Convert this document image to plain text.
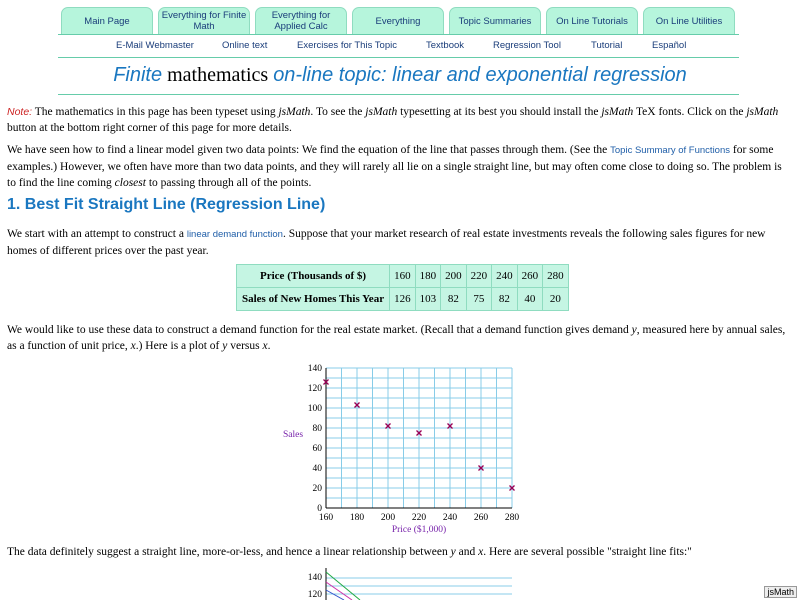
Main Page	Everything for Finite Math
Everything for Applied Calc	Everything	Topic Summaries	On Line Tutorials	On Line Utilities
E-Mail Webmaster	Online text	Exercises for This Topic	Textbook	Regression Tool	Tutorial	Español
Finite mathematics on-line topic: linear and exponential regression
Note: The mathematics in this page has been typeset using jsMath. To see the jsMath typesetting at its best you should install the jsMath TeX fonts. Click on the jsMath button at the bottom right corner of this page for more details.
We have seen how to find a linear model given two data points: We find the equation of the line that passes through them. (See the Topic Summary of Functions for some examples.) However, we often have more than two data points, and they will rarely all lie on a single straight line, but may often come close to doing so. The problem is to find the line coming closest to passing through all of the points.
1. Best Fit Straight Line (Regression Line)
We start with an attempt to construct a linear demand function. Suppose that your market research of real estate investments reveals the following sales figures for new homes of different prices over the past year.
Price (Thousands of $)	160	180	200	220	240	260	280
Sales of New Homes This Year	126	103	82	75	82	40	20
We would like to use these data to construct a demand function for the real estate market. (Recall that a demand function gives demand y, measured here by annual sales, as a function of unit price, x.) Here is a plot of y versus x.
160 180 200 220 240 260 280
0
20
40
60
80
100
120
140
Price ($1,000)
Sales
The data definitely suggest a straight line, more-or-less, and hence a linear relationship between y and x. Here are several possible "straight line fits:"
140
120	jsMath
